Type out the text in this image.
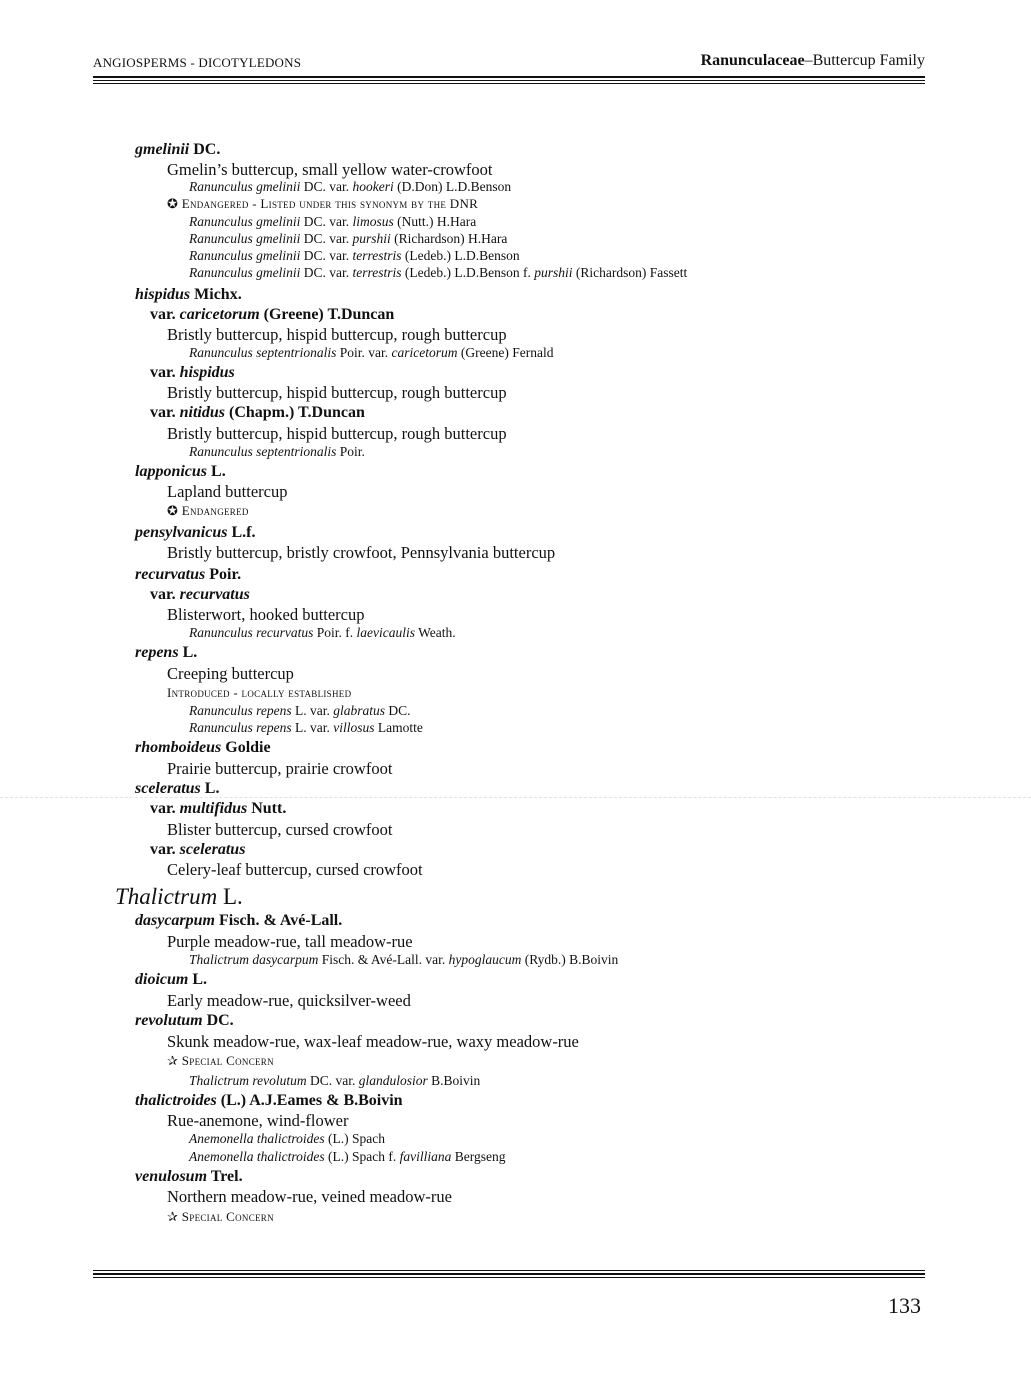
ANGIOSPERMS - DICOTYLEDONS	Ranunculaceae–Buttercup Family
gmelinii DC.
Gmelin’s buttercup, small yellow water-crowfoot
Ranunculus gmelinii DC. var. hookeri (D.Don) L.D.Benson
✪ Endangered - Listed under this synonym by the DNR
Ranunculus gmelinii DC. var. limosus (Nutt.) H.Hara
Ranunculus gmelinii DC. var. purshii (Richardson) H.Hara
Ranunculus gmelinii DC. var. terrestris (Ledeb.) L.D.Benson
Ranunculus gmelinii DC. var. terrestris (Ledeb.) L.D.Benson f. purshii (Richardson) Fassett
hispidus Michx.
var. caricetorum (Greene) T.Duncan
Bristly buttercup, hispid buttercup, rough buttercup
Ranunculus septentrionalis Poir. var. caricetorum (Greene) Fernald
var. hispidus
Bristly buttercup, hispid buttercup, rough buttercup
var. nitidus (Chapm.) T.Duncan
Bristly buttercup, hispid buttercup, rough buttercup
Ranunculus septentrionalis Poir.
lapponicus L.
Lapland buttercup
✪ Endangered
pensylvanicus L.f.
Bristly buttercup, bristly crowfoot, Pennsylvania buttercup
recurvatus Poir.
var. recurvatus
Blisterwort, hooked buttercup
Ranunculus recurvatus Poir. f. laevicaulis Weath.
repens L.
Creeping buttercup
Introduced - locally established
Ranunculus repens L. var. glabratus DC.
Ranunculus repens L. var. villosus Lamotte
rhomboideus Goldie
Prairie buttercup, prairie crowfoot
sceleratus L.
var. multifidus Nutt.
Blister buttercup, cursed crowfoot
var. sceleratus
Celery-leaf buttercup, cursed crowfoot
Thalictrum L.
dasycarpum Fisch. & Avé-Lall.
Purple meadow-rue, tall meadow-rue
Thalictrum dasycarpum Fisch. & Avé-Lall. var. hypoglaucum (Rydb.) B.Boivin
dioicum L.
Early meadow-rue, quicksilver-weed
revolutum DC.
Skunk meadow-rue, wax-leaf meadow-rue, waxy meadow-rue
✰ Special Concern
Thalictrum revolutum DC. var. glandulosior B.Boivin
thalictroides (L.) A.J.Eames & B.Boivin
Rue-anemone, wind-flower
Anemonella thalictroides (L.) Spach
Anemonella thalictroides (L.) Spach f. favilliana Bergseng
venulosum Trel.
Northern meadow-rue, veined meadow-rue
✰ Special Concern
133
